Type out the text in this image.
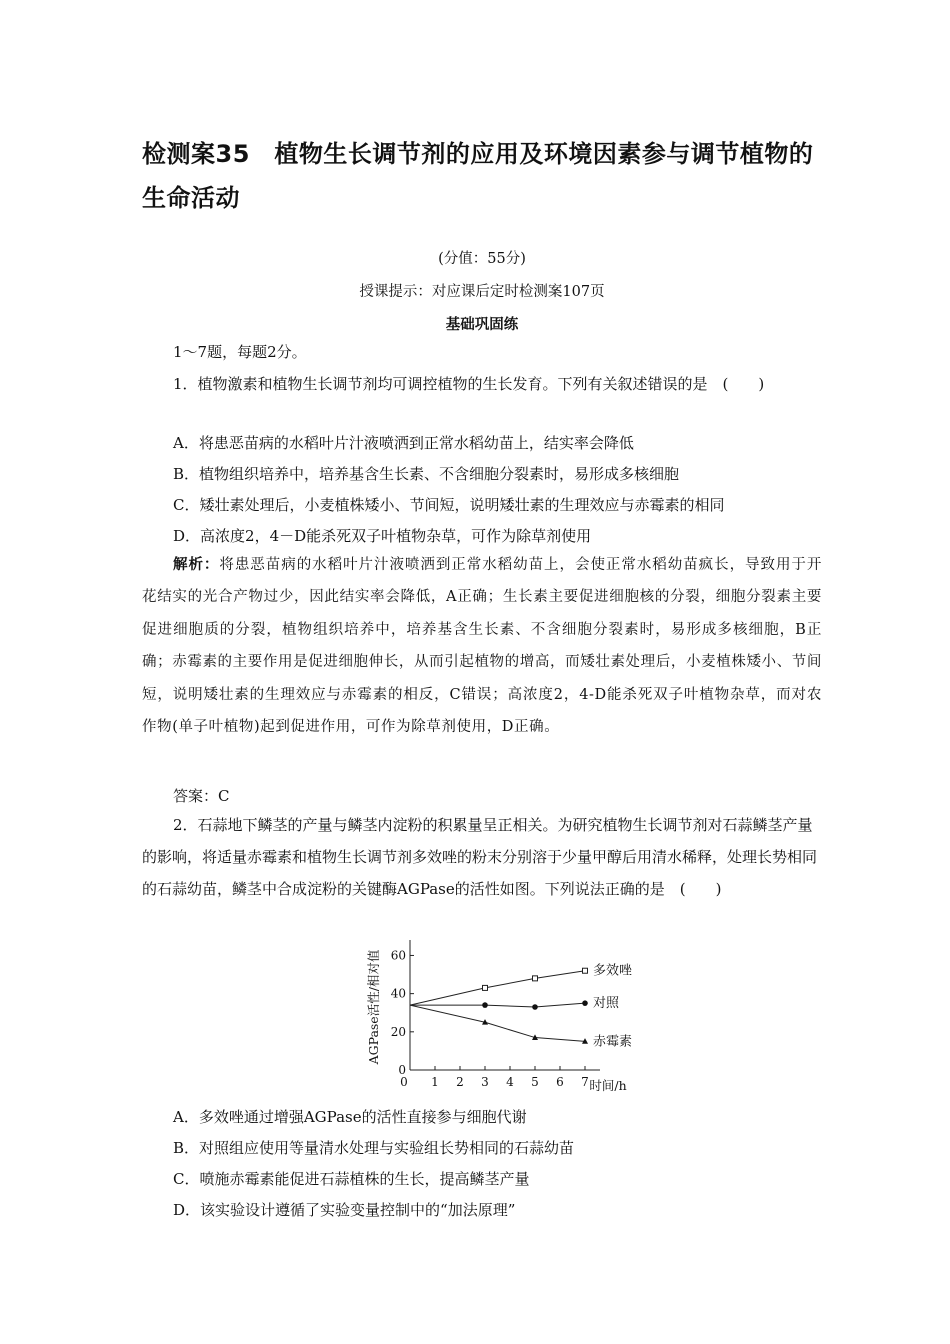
检测案35　植物生长调节剂的应用及环境因素参与调节植物的生命活动
(分值：55分)
授课提示：对应课后定时检测案107页
基础巩固练
1～7题，每题2分。
1．植物激素和植物生长调节剂均可调控植物的生长发育。下列有关叙述错误的是　(　　)
A．将患恶苗病的水稻叶片汁液喷洒到正常水稻幼苗上，结实率会降低
B．植物组织培养中，培养基含生长素、不含细胞分裂素时，易形成多核细胞
C．矮壮素处理后，小麦植株矮小、节间短，说明矮壮素的生理效应与赤霉素的相同
D．高浓度2，4－D能杀死双子叶植物杂草，可作为除草剂使用
解析：将患恶苗病的水稻叶片汁液喷洒到正常水稻幼苗上，会使正常水稻幼苗疯长，导致用于开花结实的光合产物过少，因此结实率会降低，A正确；生长素主要促进细胞核的分裂，细胞分裂素主要促进细胞质的分裂，植物组织培养中，培养基含生长素、不含细胞分裂素时，易形成多核细胞，B正确；赤霉素的主要作用是促进细胞伸长，从而引起植物的增高，而矮壮素处理后，小麦植株矮小、节间短，说明矮壮素的生理效应与赤霉素的相反，C错误；高浓度2，4-D能杀死双子叶植物杂草，而对农作物(单子叶植物)起到促进作用，可作为除草剂使用，D正确。
答案：C
2．石蒜地下鳞茎的产量与鳞茎内淀粉的积累量呈正相关。为研究植物生长调节剂对石蒜鳞茎产量的影响，将适量赤霉素和植物生长调节剂多效唑的粉末分别溶于少量甲醇后用清水稀释，处理长势相同的石蒜幼苗，鳞茎中合成淀粉的关键酶AGPase的活性如图。下列说法正确的是　(　　)
0
20
40
60
0 1 2 3 4 5 6 7 时间/h
AGPase活性/相对值	多效唑
对照
赤霉素
A．多效唑通过增强AGPase的活性直接参与细胞代谢
B．对照组应使用等量清水处理与实验组长势相同的石蒜幼苗
C．喷施赤霉素能促进石蒜植株的生长，提高鳞茎产量
D．该实验设计遵循了实验变量控制中的“加法原理”
